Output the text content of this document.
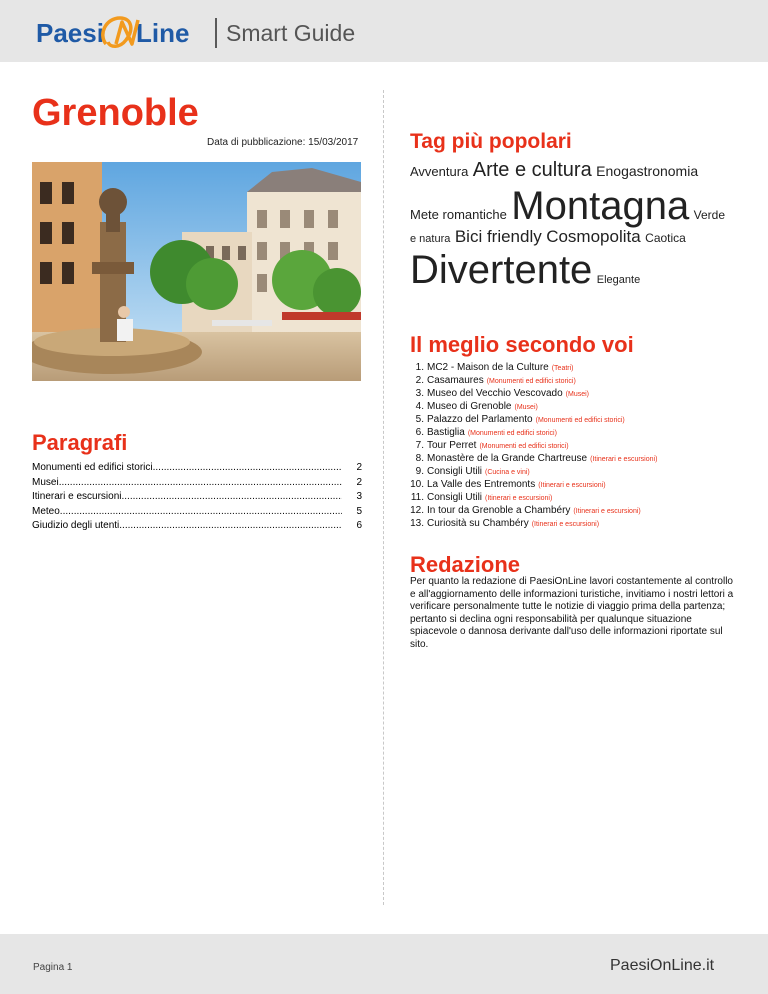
Paesi Line Smart Guide
Grenoble
Data di pubblicazione: 15/03/2017
Paragrafi
Monumenti ed edifici storici .....	2
Musei .....	2
Itinerari e escursioni .....	3
Meteo .....	5
Giudizio degli utenti .....	6
Tag più popolari
Avventura Arte e cultura Enogastronomia
Mete romantiche Montagna Verde
e natura Bici friendly Cosmopolita Caotica
Divertente Elegante
Il meglio secondo voi
1. MC2 - Maison de la Culture (Teatri)
2. Casamaures (Monumenti ed edifici storici)
3. Museo del Vecchio Vescovado (Musei)
4. Museo di Grenoble (Musei)
5. Palazzo del Parlamento (Monumenti ed edifici storici)
6. Bastiglia (Monumenti ed edifici storici)
7. Tour Perret (Monumenti ed edifici storici)
8. Monastère de la Grande Chartreuse (Itinerari e escursioni)
9. Consigli Utili (Cucina e vini)
10. La Valle des Entremonts (Itinerari e escursioni)
11. Consigli Utili (Itinerari e escursioni)
12. In tour da Grenoble a Chambéry (Itinerari e escursioni)
13. Curiosità su Chambéry (Itinerari e escursioni)
Redazione
Per quanto la redazione di PaesiOnLine lavori costantemente al controllo e all'aggiornamento delle informazioni turistiche, invitiamo i nostri lettori a verificare personalmente tutte le notizie di viaggio prima della partenza; pertanto si declina ogni responsabilità per qualunque situazione spiacevole o dannosa derivante dall'uso delle informazioni riportate sul sito.
Pagina 1	PaesiOnLine.it
